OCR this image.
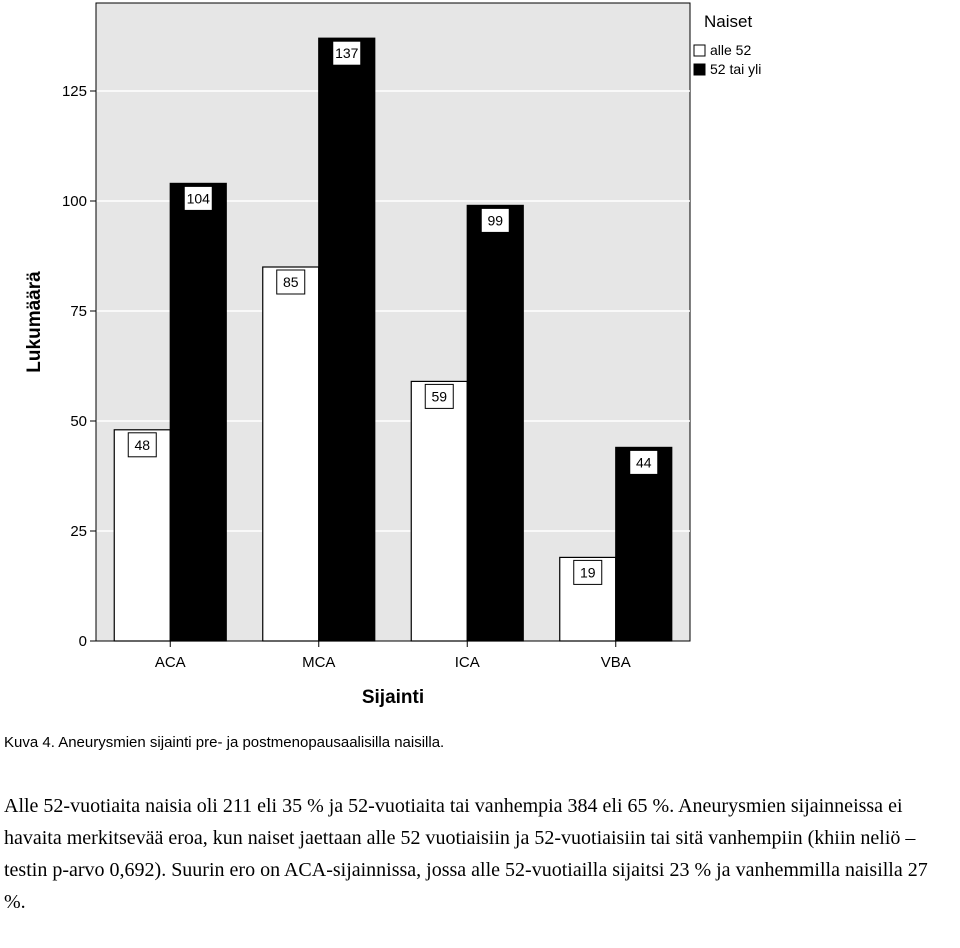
0
25
50
75
100
125
ACA	MCA	ICA	VBA
48
104
85
137
59
99
19
44
Lukumäärä
Sijainti
Naiset
alle 52
52 tai yli

Kuva 4. Aneurysmien sijainti pre- ja postmenopausaalisilla naisilla.

Alle 52-vuotiaita naisia oli 211 eli 35 % ja 52-vuotiaita tai vanhempia 384 eli 65 %. Aneurysmien sijainneissa ei havaita merkitsevää eroa, kun naiset jaettaan alle 52 vuotiaisiin ja 52-vuotiaisiin tai sitä vanhempiin (khiin neliö –testin p-arvo 0,692). Suurin ero on ACA-sijainnissa, jossa alle 52-vuotiailla sijaitsi 23 % ja vanhemmilla naisilla 27 %.
